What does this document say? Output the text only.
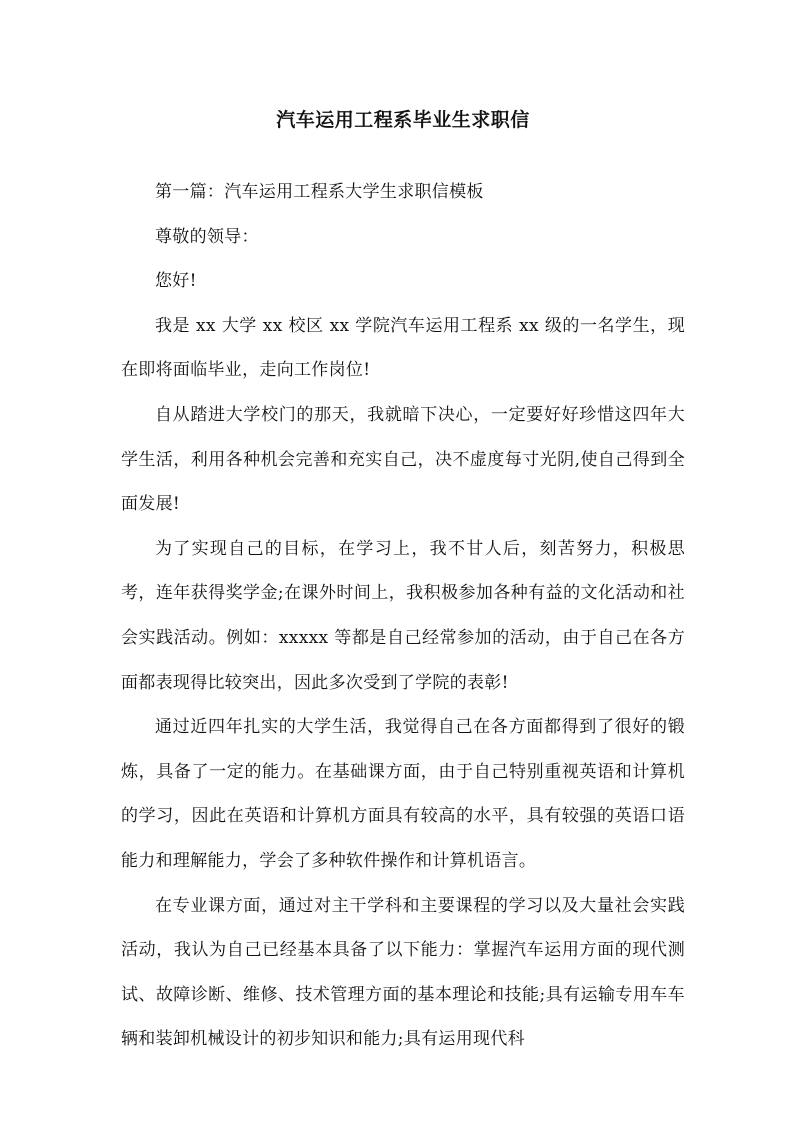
汽车运用工程系毕业生求职信

第一篇：汽车运用工程系大学生求职信模板

尊敬的领导：

您好!

我是 xx 大学 xx 校区 xx 学院汽车运用工程系 xx 级的一名学生，现在即将面临毕业，走向工作岗位!

自从踏进大学校门的那天，我就暗下决心，一定要好好珍惜这四年大学生活，利用各种机会完善和充实自己，决不虚度每寸光阴,使自己得到全面发展!

为了实现自己的目标，在学习上，我不甘人后，刻苦努力，积极思考，连年获得奖学金;在课外时间上，我积极参加各种有益的文化活动和社会实践活动。例如：xxxxx 等都是自己经常参加的活动，由于自己在各方面都表现得比较突出，因此多次受到了学院的表彰!

通过近四年扎实的大学生活，我觉得自己在各方面都得到了很好的锻炼，具备了一定的能力。在基础课方面，由于自己特别重视英语和计算机的学习，因此在英语和计算机方面具有较高的水平，具有较强的英语口语能力和理解能力，学会了多种软件操作和计算机语言。

在专业课方面，通过对主干学科和主要课程的学习以及大量社会实践活动，我认为自己已经基本具备了以下能力：掌握汽车运用方面的现代测试、故障诊断、维修、技术管理方面的基本理论和技能;具有运输专用车车辆和装卸机械设计的初步知识和能力;具有运用现代科
